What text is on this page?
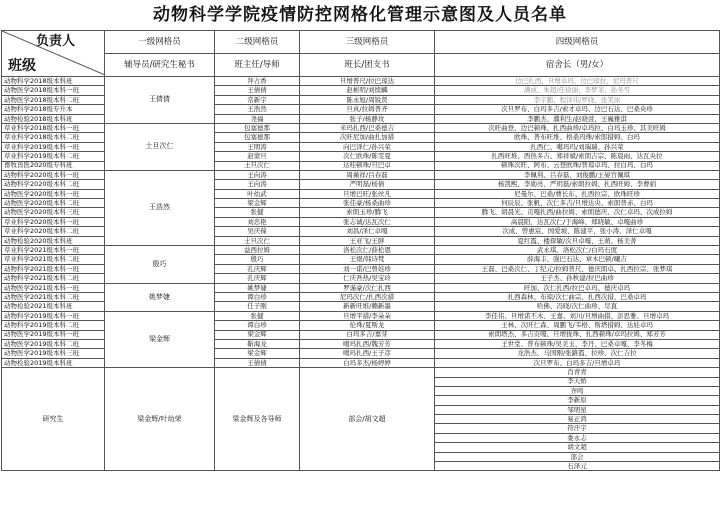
动物科学学院疫情防控网格化管理示意图及人员名单
负责人
班级	一级网格员	二级网格员	三级网格员	四级网格员
	辅导员/研究生秘书	班主任/导师	班长/团支书	宿舍长（男/女）
动物科学2018级本科班	王倩倩	拜占香	旦增普尺/拉巴琼达	边巴扎西、旦增卓玛、边巴琼拉、尼玛普尺
动物医学2018级本科一班		王倩倩	赵彬明/刘续麟	满成、朱超/任徐丽、李梦菲、孙冬雪
动物医学2018级本科二班		常新宇	陈永旭/周锐贤	李宇鹏、程泽伟/罗晓、张笑冰
动物科学2018级专升本		王浩然	旦真/拉姆普齐	次旦罗布、白玛多吉/索才卓玛、边巴石达、巴桑央珍
动物检验2018级本科班		尧福	张子/杨静玫	李鹏杰、濮利生/赵晓萱、王巍雅淇
草业科学2018级本科一班	土旦次仁	包塞德那	米玛扎西/巴桑德吉	次旺曲登、边巴顿珠、扎西曲珍/卓玛拉、白玛玉珍、其美旺姆
草业科学2018级本科二班		包塞德那	次旺尼加/曲扎加措	欧珠、普布旺堆、格桑玛珠/索郎措姆、白玛
草业科学2019级本科一班		王明涛	向巴泽仁/孙兴荣	扎西仁、噶玛玛/刘瑞瑞、孙兴荣
草业科学2019级本科二班		赵蒙旦	次仁欧珠/陈雯夏	扎西旺堆、西热多吉、郑祥斌/索朗吉宗、陈晨雨、达瓦央拉
畜牧兽医2020级专科班		土旦次仁	达哇顿珠/旦巴卓	顿珠次旺、阿布、云登欧珠/普琼卓玛、拉白玛、白玛
动物科学2020级本科一班	王浩然	王向涛	周薇祥/吕春磊	李佩利、吕春磊、刘俊鹏/王晏宫佩琪
动物科学2020级本科二班		王向涛	严明磊/杨倩	杨凯熙、李勋亮、严玥磊/索朗拉姆、扎西旺姆、李曹娟
动物医学2020级本科一班		叶幼武	旦增巴旺/张丝凡	尼曼尔、巴桑/曹长东、扎西拉宗、欧珠旺珍
动物医学2020级本科二班		梁金辉	张佳豪/杨桑曲珍	何辰辰、张帆、次仁多吉/旦增达央、索朗普赤、白玛
动物医学2020级本科三班		张健	索朗玉珍/腾飞	腾飞、胡晨光、贡嘎扎西/曲拉姆、索朗德庆、次仁卓玛、次成拉姆
草业科学2020级本科一班		刘忠艳	张志诚/达瓦次仁	高晨阳、达瓦次仁/于海峰、郑晓敏、卓嘎曲珍
草业科学2020级本科二班		吴庆葆	刘昌/泽仁卓嘎	次成、曾惠宸、国爱坡、陈建平、张小涛、泽仁卓嘎
动物检验2020级本科班		土旦次仁	王亚飞/王胖	夏红霞、楼琛敏/次旦卓嘎、王萌、杨美菁
草业科学2021级本科一班	殷巧	益西拉姆	洛松次仁/薛松恩	武永琪、洛松次仁/白玛石度
草业科学2021级本科二班		殷巧	王煜/韩诗梵	薛海丰、强巴石达、章木巴顿/曦吉
动物科学2021级本科一班		孔庆辉	刘一诺/巴曾娃珍	王磊、巴桑次仁、丁纪元/拉姆普尺、德庆朗卓、扎西拉宗、张梦琪
动物科学2021级本科二班		孔庆辉	仁庆吾热/吴宝玲	王子杰、孙秋建/拉巴曲珍
动物医学2021级本科一班	姚梦婕	姚梦婕	罗谨豪/次仁扎西	旺加、次仁扎西/拉巴卓玛、德庆卓玛
动物医学2021级本科二班		谭白珍	尼玛次仁/扎西次措	扎西森林、布琼/次仁曲宗、扎西次措、巴桑卓玛
动物检验2021级本科班		任子刚	新新旺堆/赖新墨	哈佛、冯晓/次仁曲珍、尽直
动物科学2019级本科一班	梁金辉	张健	旦增平措/李朵朵	李佳伟、旦增诺丕木、王嘉、刘川/旦增曲措、彭思雅、旦增卓玛
动物科学2019级本科二班		谭白珍	伦珠/夏斯龙	王林、次旺仁森、周鹏飞/韦格、斯塔措姆、达娃卓玛
动物医学2019级本科一班		梁金辉	白玛多吉/嘉芽	索朗塔杰、多吉贡嘎、旦增拢珠、扎西顿珠/卓玛拉姆、郑芳芳
动物医学2019级本科二班		靳海龙	噶玛扎西/魏芳芳	王世堂、普布顿珠/吴美玉、李丹、巴桑卓嘎、李冬梅
动物医学2019级本科三班		梁金辉	噶玛扎西/王子彦	龙浩杰、马国刚/张路霞、拉珍、次仁吉拉
动物检验2019级本科班		王倩倩	白玛多杰/杨婷婷	次旦罗布、白玛多吉/旦增卓玛
研究生	梁金辉/叶幼荣	梁金辉及各导师	部会/胡文超	肖青青
				李天娇
				齐鸣
				李新原
				邹明星
				易正鸿
				符汗宇
				娄永志
				胡文超
				部会
				石泽元
